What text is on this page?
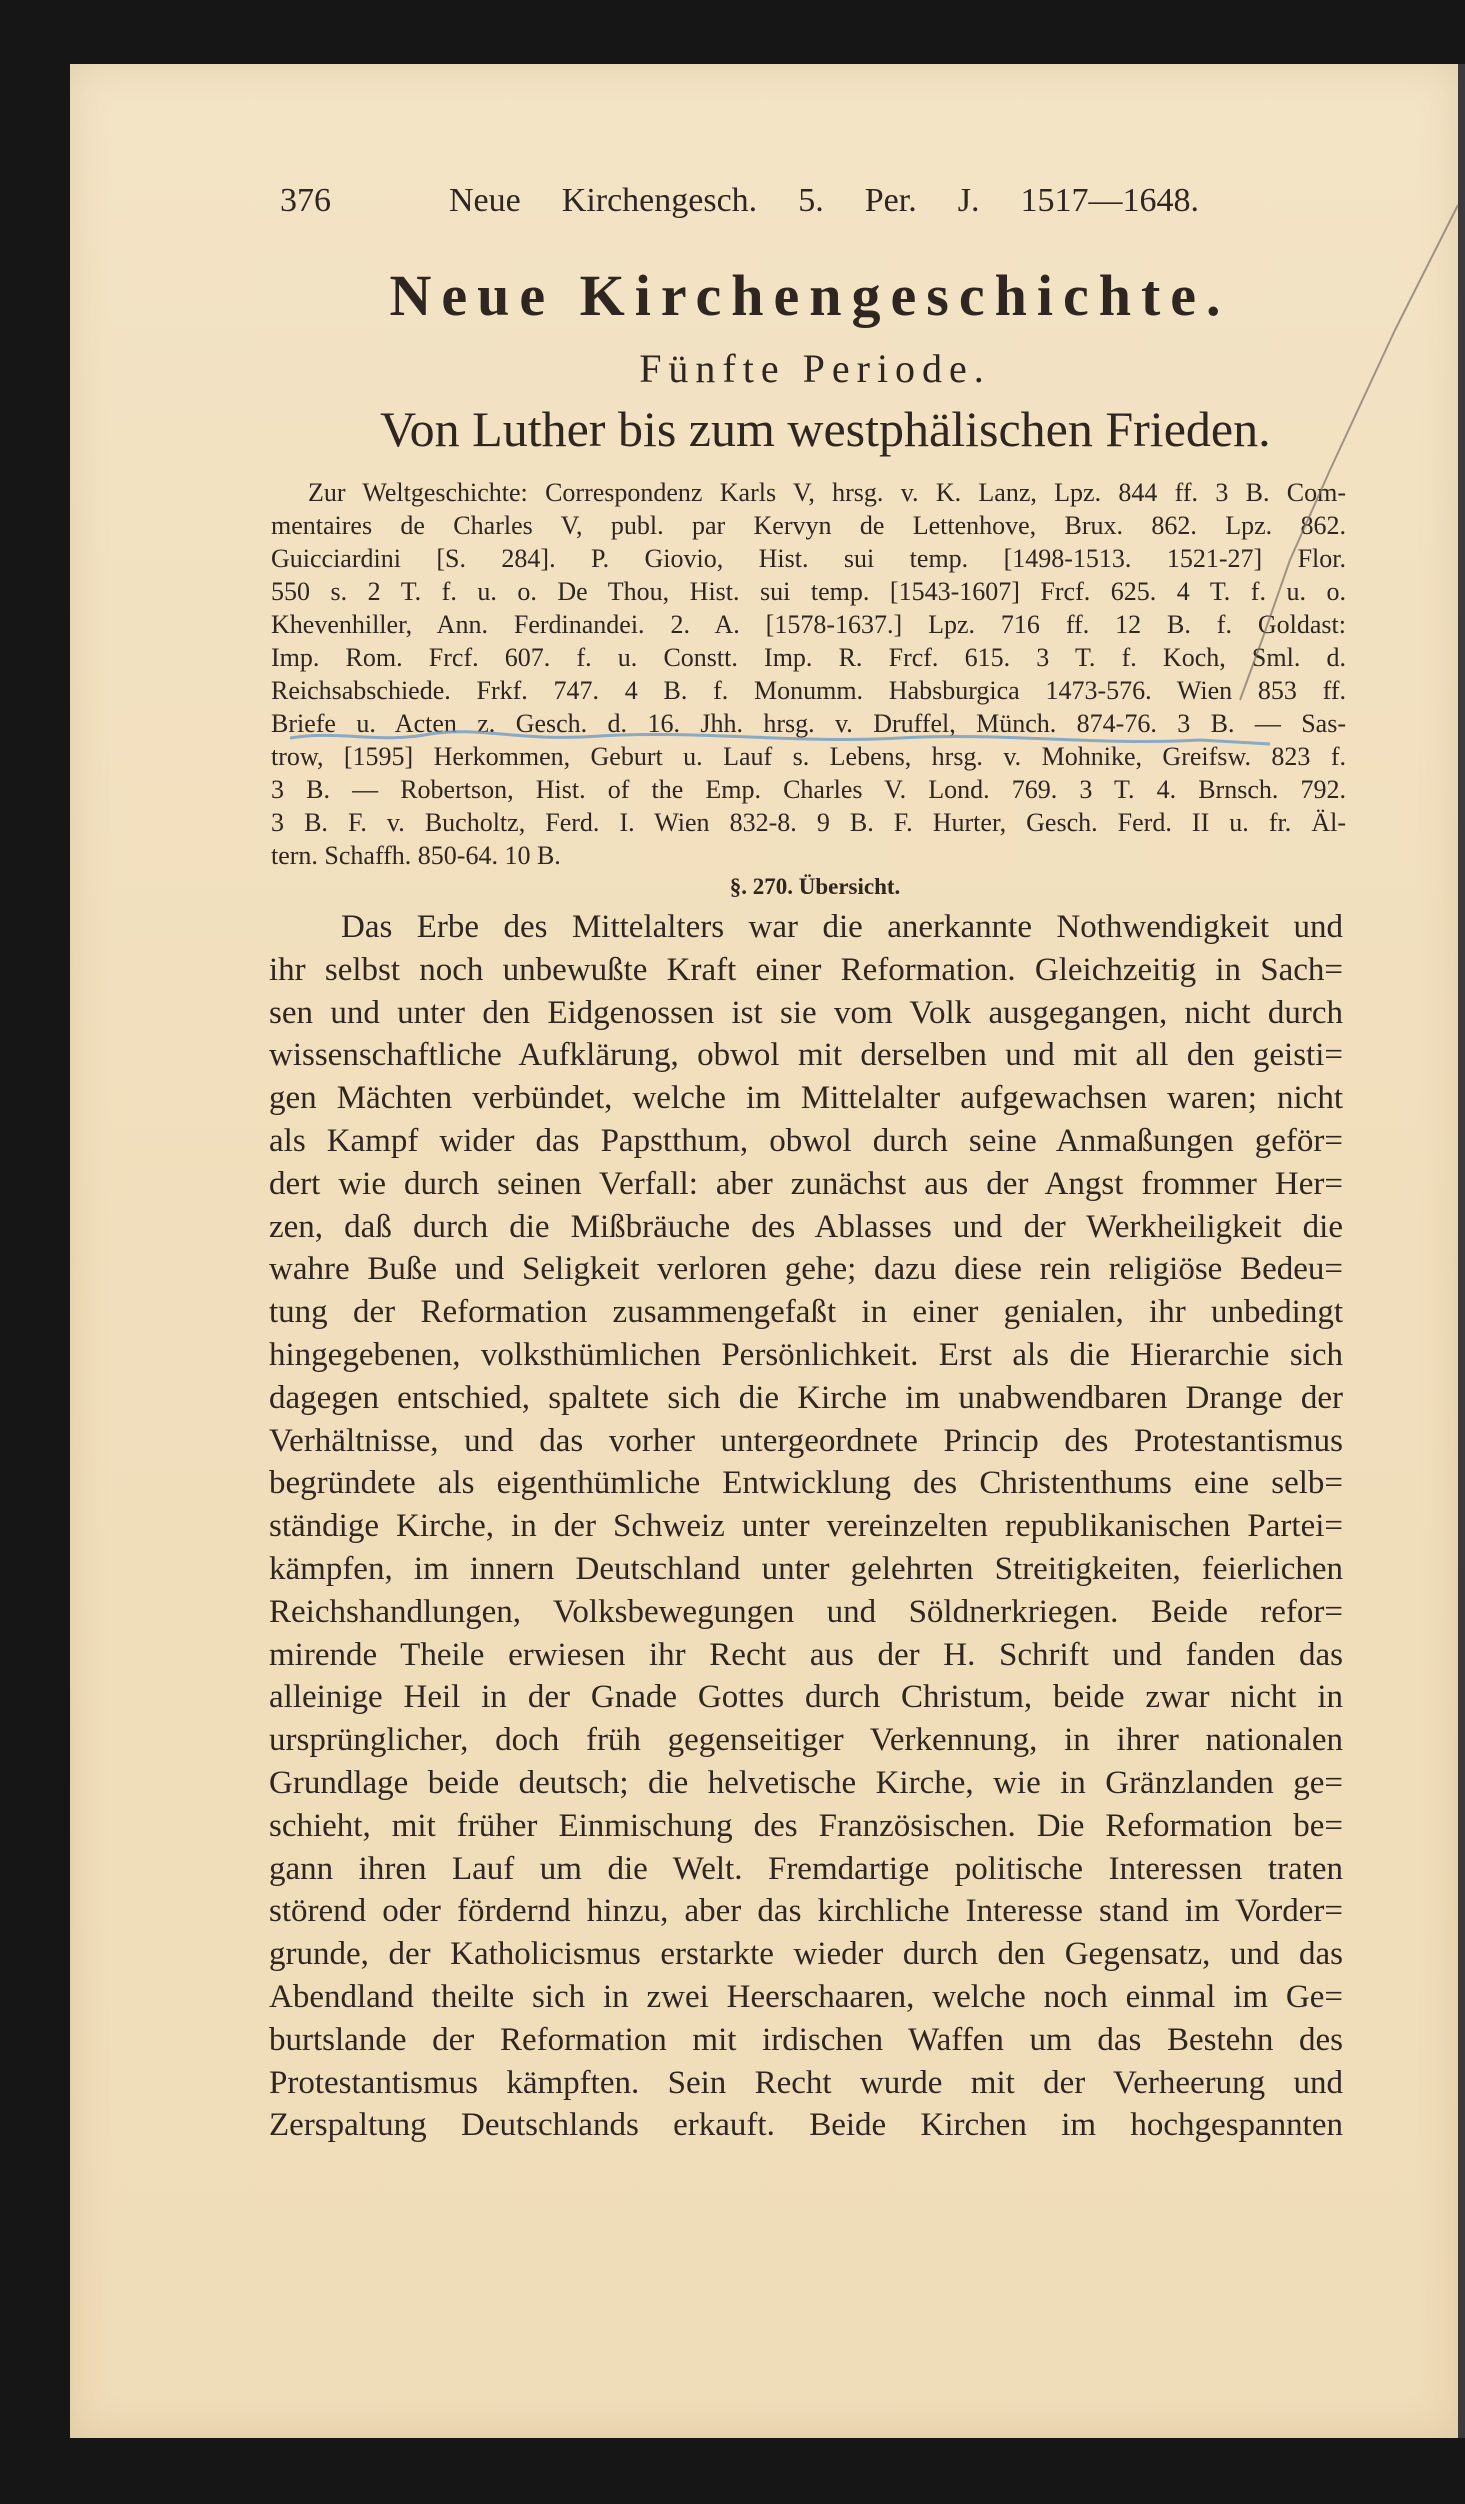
376	Neue Kirchengesch. 5. Per. J. 1517—1648.
Neue Kirchengeschichte.
Fünfte Periode.
Von Luther bis zum westphälischen Frieden.
Zur Weltgeschichte: Correspondenz Karls V, hrsg. v. K. Lanz, Lpz. 844 ff. 3 B. Com-
mentaires de Charles V, publ. par Kervyn de Lettenhove, Brux. 862. Lpz. 862.
Guicciardini [S. 284]. P. Giovio, Hist. sui temp. [1498-1513. 1521-27] Flor.
550 s. 2 T. f. u. o. De Thou, Hist. sui temp. [1543-1607] Frcf. 625. 4 T. f. u. o.
Khevenhiller, Ann. Ferdinandei. 2. A. [1578-1637.] Lpz. 716 ff. 12 B. f. Goldast:
Imp. Rom. Frcf. 607. f. u. Constt. Imp. R. Frcf. 615. 3 T. f. Koch, Sml. d.
Reichsabschiede. Frkf. 747. 4 B. f. Monumm. Habsburgica 1473-576. Wien 853 ff.
Briefe u. Acten z. Gesch. d. 16. Jhh. hrsg. v. Druffel, Münch. 874-76. 3 B. — Sas-
trow, [1595] Herkommen, Geburt u. Lauf s. Lebens, hrsg. v. Mohnike, Greifsw. 823 f.
3 B. — Robertson, Hist. of the Emp. Charles V. Lond. 769. 3 T. 4. Brnsch. 792.
3 B. F. v. Bucholtz, Ferd. I. Wien 832-8. 9 B. F. Hurter, Gesch. Ferd. II u. fr. Äl-
tern. Schaffh. 850-64. 10 B.
§. 270. Übersicht.
Das Erbe des Mittelalters war die anerkannte Nothwendigkeit und
ihr selbst noch unbewußte Kraft einer Reformation. Gleichzeitig in Sach=
sen und unter den Eidgenossen ist sie vom Volk ausgegangen, nicht durch
wissenschaftliche Aufklärung, obwol mit derselben und mit all den geisti=
gen Mächten verbündet, welche im Mittelalter aufgewachsen waren; nicht
als Kampf wider das Papstthum, obwol durch seine Anmaßungen geför=
dert wie durch seinen Verfall: aber zunächst aus der Angst frommer Her=
zen, daß durch die Mißbräuche des Ablasses und der Werkheiligkeit die
wahre Buße und Seligkeit verloren gehe; dazu diese rein religiöse Bedeu=
tung der Reformation zusammengefaßt in einer genialen, ihr unbedingt
hingegebenen, volksthümlichen Persönlichkeit. Erst als die Hierarchie sich
dagegen entschied, spaltete sich die Kirche im unabwendbaren Drange der
Verhältnisse, und das vorher untergeordnete Princip des Protestantismus
begründete als eigenthümliche Entwicklung des Christenthums eine selb=
ständige Kirche, in der Schweiz unter vereinzelten republikanischen Partei=
kämpfen, im innern Deutschland unter gelehrten Streitigkeiten, feierlichen
Reichshandlungen, Volksbewegungen und Söldnerkriegen. Beide refor=
mirende Theile erwiesen ihr Recht aus der H. Schrift und fanden das
alleinige Heil in der Gnade Gottes durch Christum, beide zwar nicht in
ursprünglicher, doch früh gegenseitiger Verkennung, in ihrer nationalen
Grundlage beide deutsch; die helvetische Kirche, wie in Gränzlanden ge=
schieht, mit früher Einmischung des Französischen. Die Reformation be=
gann ihren Lauf um die Welt. Fremdartige politische Interessen traten
störend oder fördernd hinzu, aber das kirchliche Interesse stand im Vorder=
grunde, der Katholicismus erstarkte wieder durch den Gegensatz, und das
Abendland theilte sich in zwei Heerschaaren, welche noch einmal im Ge=
burtslande der Reformation mit irdischen Waffen um das Bestehn des
Protestantismus kämpften. Sein Recht wurde mit der Verheerung und
Zerspaltung Deutschlands erkauft. Beide Kirchen im hochgespannten
